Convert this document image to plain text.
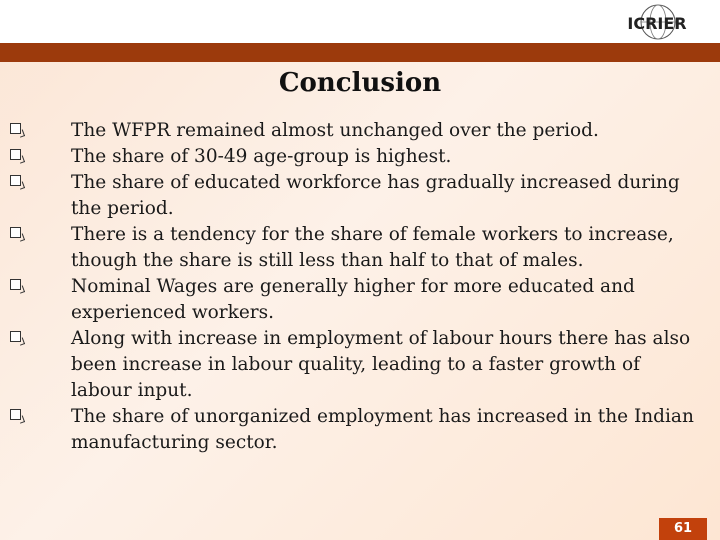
ICRIER
Conclusion
The WFPR remained almost unchanged over the period.
The share of 30-49 age-group is highest.
The share of educated workforce has gradually increased during the period.
There is a tendency for the share of female workers to increase, though the share is still less than half to that of males.
Nominal Wages are generally higher for more educated and experienced workers.
Along with increase in employment of labour hours there has also been increase in labour quality, leading to a faster growth of labour input.
The share of unorganized employment has increased in the Indian manufacturing sector.
61
